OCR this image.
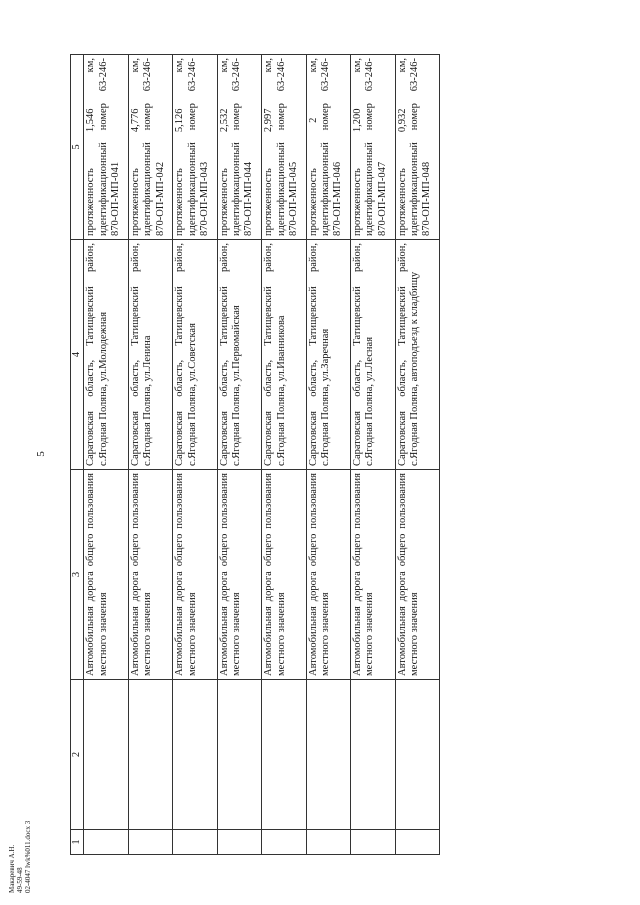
5
1	2	3	4	5
		Автомобильная дорога общего пользования местного значения	Саратовская область, Татищевский район, с.Ягодная Поляна, ул.Молодежная	протяженность 1,546 км, идентификационный номер 63-246-870-ОП-МП-041
		Автомобильная дорога общего пользования местного значения	Саратовская область, Татищевский район, с.Ягодная Поляна, ул.Ленина	протяженность 4,776 км, идентификационный номер 63-246-870-ОП-МП-042
		Автомобильная дорога общего пользования местного значения	Саратовская область, Татищевский район, с.Ягодная Поляна, ул.Советская	протяженность 5,126 км, идентификационный номер 63-246-870-ОП-МП-043
		Автомобильная дорога общего пользования местного значения	Саратовская область, Татищевский район, с.Ягодная Поляна, ул.Первомайская	протяженность 2,532 км, идентификационный номер 63-246-870-ОП-МП-044
		Автомобильная дорога общего пользования местного значения	Саратовская область, Татищевский район, с.Ягодная Поляна, ул.Иванникова	протяженность 2,997 км, идентификационный номер 63-246-870-ОП-МП-045
		Автомобильная дорога общего пользования местного значения	Саратовская область, Татищевский район, с.Ягодная Поляна, ул.Заречная	протяженность 2 км, идентификационный номер 63-246-870-ОП-МП-046
		Автомобильная дорога общего пользования местного значения	Саратовская область, Татищевский район, с.Ягодная Поляна, ул.Лесная	протяженность 1,200 км, идентификационный номер 63-246-870-ОП-МП-047
		Автомобильная дорога общего пользования местного значения	Саратовская область, Татищевский район, с.Ягодная Поляна, автоподъезд к кладбищу	протяженность 0,932 км, идентификационный номер 63-246-870-ОП-МП-048
Макаревич А.Н. 49-59-48 02-4047 lwk%011.docx 3
